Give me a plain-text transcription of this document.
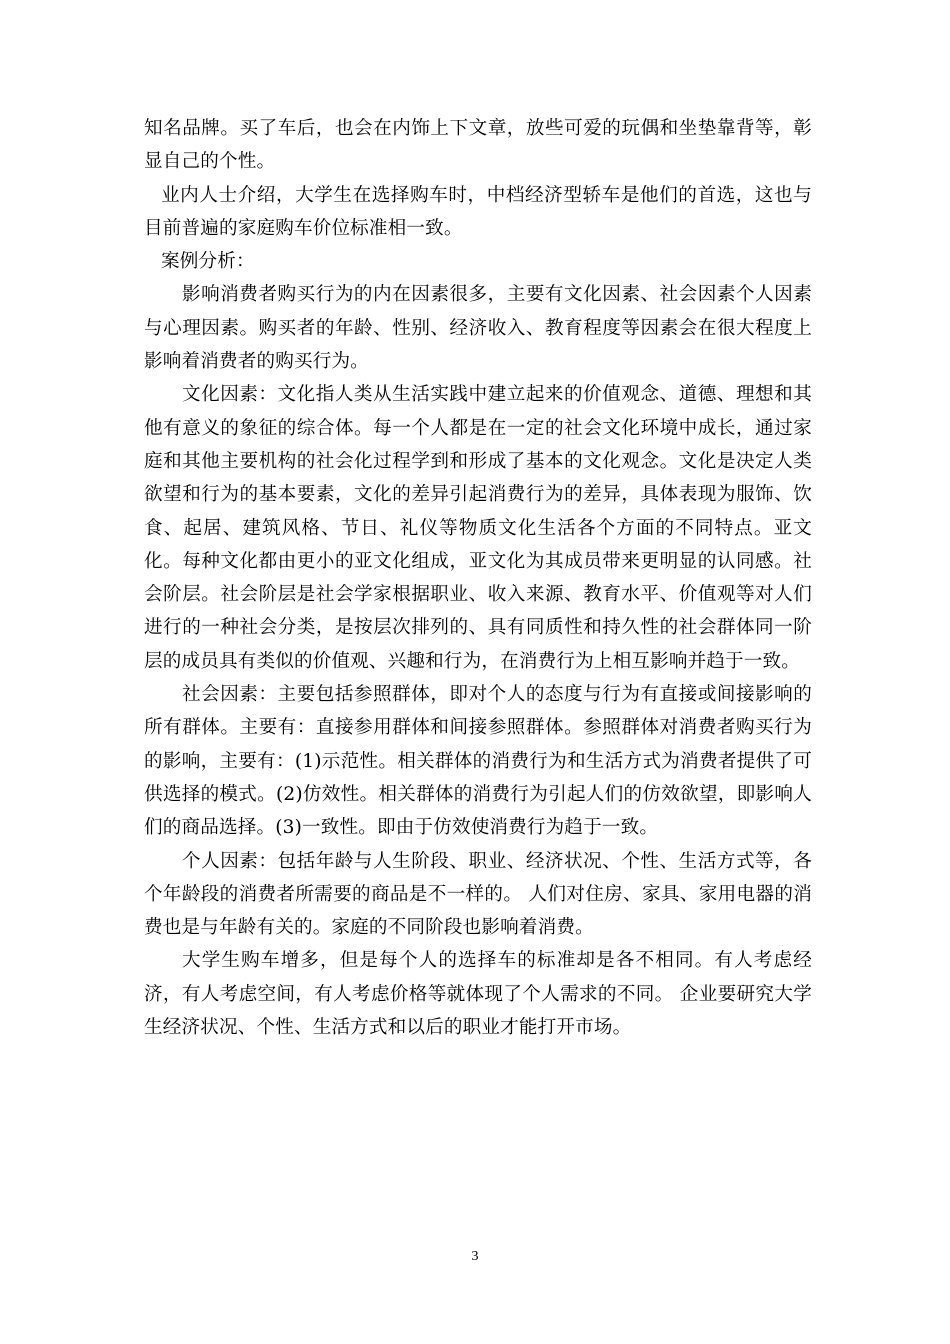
知名品牌。买了车后，也会在内饰上下文章，放些可爱的玩偶和坐垫靠背等，彰显自己的个性。

业内人士介绍，大学生在选择购车时，中档经济型轿车是他们的首选，这也与目前普遍的家庭购车价位标准相一致。

案例分析：

影响消费者购买行为的内在因素很多，主要有文化因素、社会因素个人因素与心理因素。购买者的年龄、性别、经济收入、教育程度等因素会在很大程度上影响着消费者的购买行为。

文化因素：文化指人类从生活实践中建立起来的价值观念、道德、理想和其他有意义的象征的综合体。每一个人都是在一定的社会文化环境中成长，通过家庭和其他主要机构的社会化过程学到和形成了基本的文化观念。文化是决定人类欲望和行为的基本要素，文化的差异引起消费行为的差异，具体表现为服饰、饮食、起居、建筑风格、节日、礼仪等物质文化生活各个方面的不同特点。亚文化。每种文化都由更小的亚文化组成，亚文化为其成员带来更明显的认同感。社会阶层。社会阶层是社会学家根据职业、收入来源、教育水平、价值观等对人们进行的一种社会分类，是按层次排列的、具有同质性和持久性的社会群体同一阶层的成员具有类似的价值观、兴趣和行为，在消费行为上相互影响并趋于一致。

社会因素：主要包括参照群体，即对个人的态度与行为有直接或间接影响的所有群体。主要有：直接参用群体和间接参照群体。参照群体对消费者购买行为的影响，主要有：(1)示范性。相关群体的消费行为和生活方式为消费者提供了可供选择的模式。(2)仿效性。相关群体的消费行为引起人们的仿效欲望，即影响人们的商品选择。(3)一致性。即由于仿效使消费行为趋于一致。

个人因素：包括年龄与人生阶段、职业、经济状况、个性、生活方式等，各个年龄段的消费者所需要的商品是不一样的。 人们对住房、家具、家用电器的消费也是与年龄有关的。家庭的不同阶段也影响着消费。

大学生购车增多，但是每个人的选择车的标准却是各不相同。有人考虑经济，有人考虑空间，有人考虑价格等就体现了个人需求的不同。 企业要研究大学生经济状况、个性、生活方式和以后的职业才能打开市场。

3
